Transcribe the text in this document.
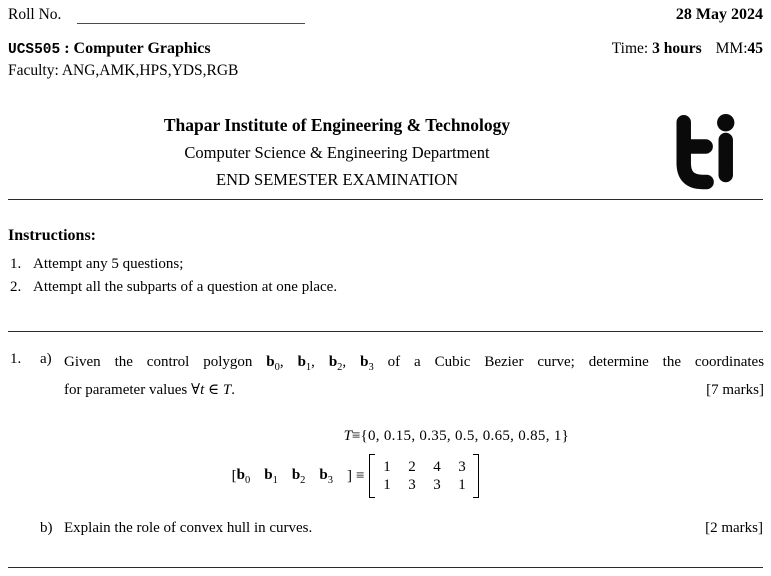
Roll No.	28 May 2024
UCS505 : Computer Graphics	Time: 3 hours MM:45
Faculty: ANG,AMK,HPS,YDS,RGB
Thapar Institute of Engineering & Technology
Computer Science & Engineering Department
END SEMESTER EXAMINATION
Instructions:
1. Attempt any 5 questions;
2. Attempt all the subparts of a question at one place.
1. a) Given the control polygon $b_0$, $b_1$, $b_2$, $b_3$ of a Cubic Bezier curve; determine the coordinates
for parameter values ∀t ∈ T.	[7 marks]
T ≡ {0, 0.15, 0.35, 0.5, 0.65, 0.85, 1}
[ $b_0$ $b_1$ $b_2$ $b_3$ ] ≡
1 2 4 3
1 3 3 1
b) Explain the role of convex hull in curves.	[2 marks]
